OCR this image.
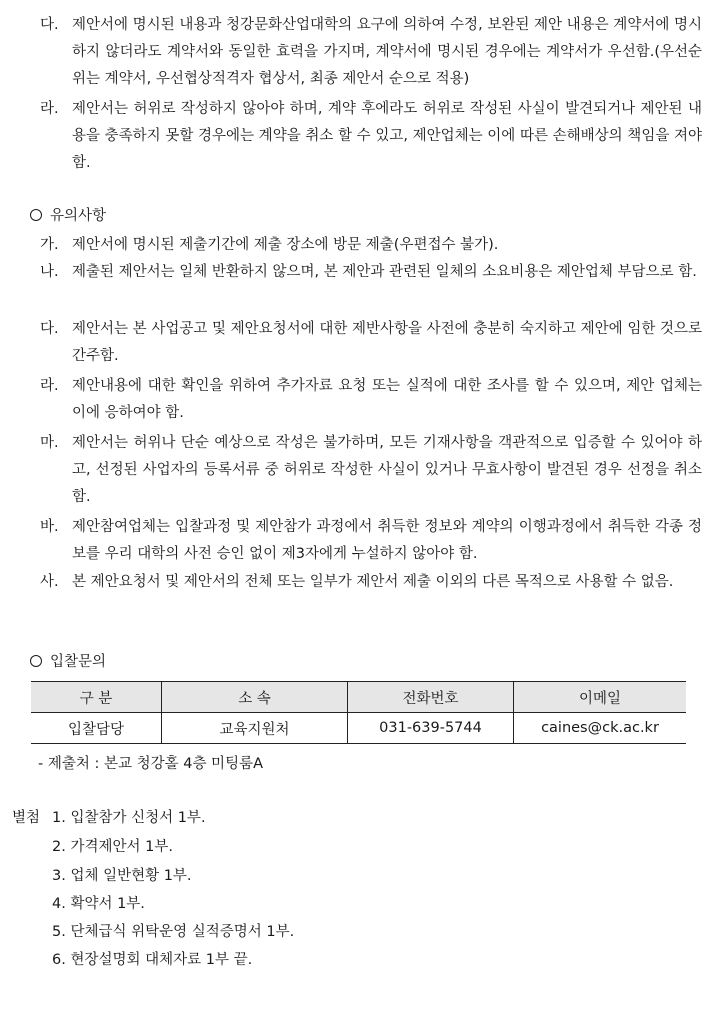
다. 제안서에 명시된 내용과 청강문화산업대학의 요구에 의하여 수정, 보완된 제안 내용은 계약서에 명시하지 않더라도 계약서와 동일한 효력을 가지며, 계약서에 명시된 경우에는 계약서가 우선함.(우선순위는 계약서, 우선협상적격자 협상서, 최종 제안서 순으로 적용)
라. 제안서는 허위로 작성하지 않아야 하며, 계약 후에라도 허위로 작성된 사실이 발견되거나 제안된 내용을 충족하지 못할 경우에는 계약을 취소 할 수 있고, 제안업체는 이에 따른 손해배상의 책임을 져야 함.
유의사항
가. 제안서에 명시된 제출기간에 제출 장소에 방문 제출(우편접수 불가).
나. 제출된 제안서는 일체 반환하지 않으며, 본 제안과 관련된 일체의 소요비용은 제안업체 부담으로 함.
다. 제안서는 본 사업공고 및 제안요청서에 대한 제반사항을 사전에 충분히 숙지하고 제안에 임한 것으로 간주함.
라. 제안내용에 대한 확인을 위하여 추가자료 요청 또는 실적에 대한 조사를 할 수 있으며, 제안 업체는 이에 응하여야 함.
마. 제안서는 허위나 단순 예상으로 작성은 불가하며, 모든 기재사항을 객관적으로 입증할 수 있어야 하고, 선정된 사업자의 등록서류 중 허위로 작성한 사실이 있거나 무효사항이 발견된 경우 선정을 취소함.
바. 제안참여업체는 입찰과정 및 제안참가 과정에서 취득한 정보와 계약의 이행과정에서 취득한 각종 정보를 우리 대학의 사전 승인 없이 제3자에게 누설하지 않아야 함.
사. 본 제안요청서 및 제안서의 전체 또는 일부가 제안서 제출 이외의 다른 목적으로 사용할 수 없음.
입찰문의
구 분	소 속	전화번호	이메일
입찰담당	교육지원처	031-639-5744	caines@ck.ac.kr
- 제출처 : 본교 청강홀 4층 미팅룸A
별첨 1. 입찰참가 신청서 1부.
2. 가격제안서 1부.
3. 업체 일반현황 1부.
4. 확약서 1부.
5. 단체급식 위탁운영 실적증명서 1부.
6. 현장설명회 대체자료 1부 끝.
